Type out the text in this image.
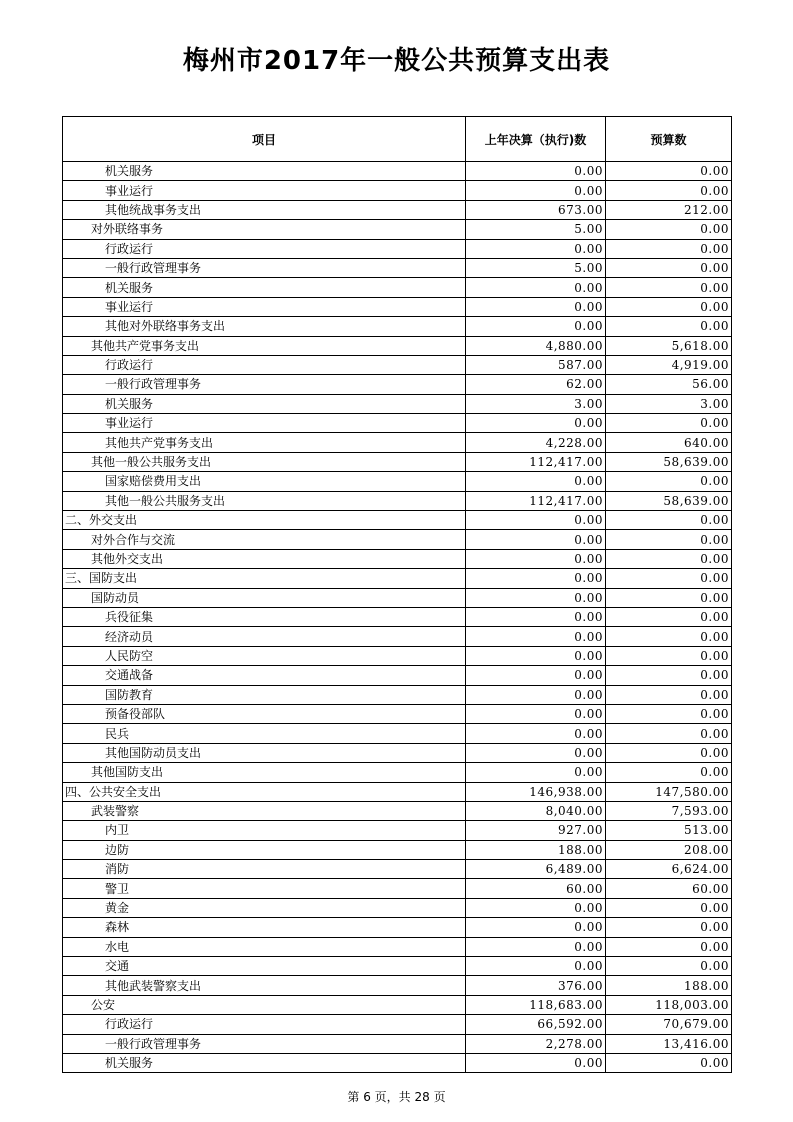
梅州市2017年一般公共预算支出表
项目	上年决算（执行)数	预算数
机关服务	0.00	0.00
事业运行	0.00	0.00
其他统战事务支出	673.00	212.00
对外联络事务	5.00	0.00
行政运行	0.00	0.00
一般行政管理事务	5.00	0.00
机关服务	0.00	0.00
事业运行	0.00	0.00
其他对外联络事务支出	0.00	0.00
其他共产党事务支出	4,880.00	5,618.00
行政运行	587.00	4,919.00
一般行政管理事务	62.00	56.00
机关服务	3.00	3.00
事业运行	0.00	0.00
其他共产党事务支出	4,228.00	640.00
其他一般公共服务支出	112,417.00	58,639.00
国家赔偿费用支出	0.00	0.00
其他一般公共服务支出	112,417.00	58,639.00
二、外交支出	0.00	0.00
对外合作与交流	0.00	0.00
其他外交支出	0.00	0.00
三、国防支出	0.00	0.00
国防动员	0.00	0.00
兵役征集	0.00	0.00
经济动员	0.00	0.00
人民防空	0.00	0.00
交通战备	0.00	0.00
国防教育	0.00	0.00
预备役部队	0.00	0.00
民兵	0.00	0.00
其他国防动员支出	0.00	0.00
其他国防支出	0.00	0.00
四、公共安全支出	146,938.00	147,580.00
武装警察	8,040.00	7,593.00
内卫	927.00	513.00
边防	188.00	208.00
消防	6,489.00	6,624.00
警卫	60.00	60.00
黄金	0.00	0.00
森林	0.00	0.00
水电	0.00	0.00
交通	0.00	0.00
其他武装警察支出	376.00	188.00
公安	118,683.00	118,003.00
行政运行	66,592.00	70,679.00
一般行政管理事务	2,278.00	13,416.00
机关服务	0.00	0.00
第 6 页，共 28 页
